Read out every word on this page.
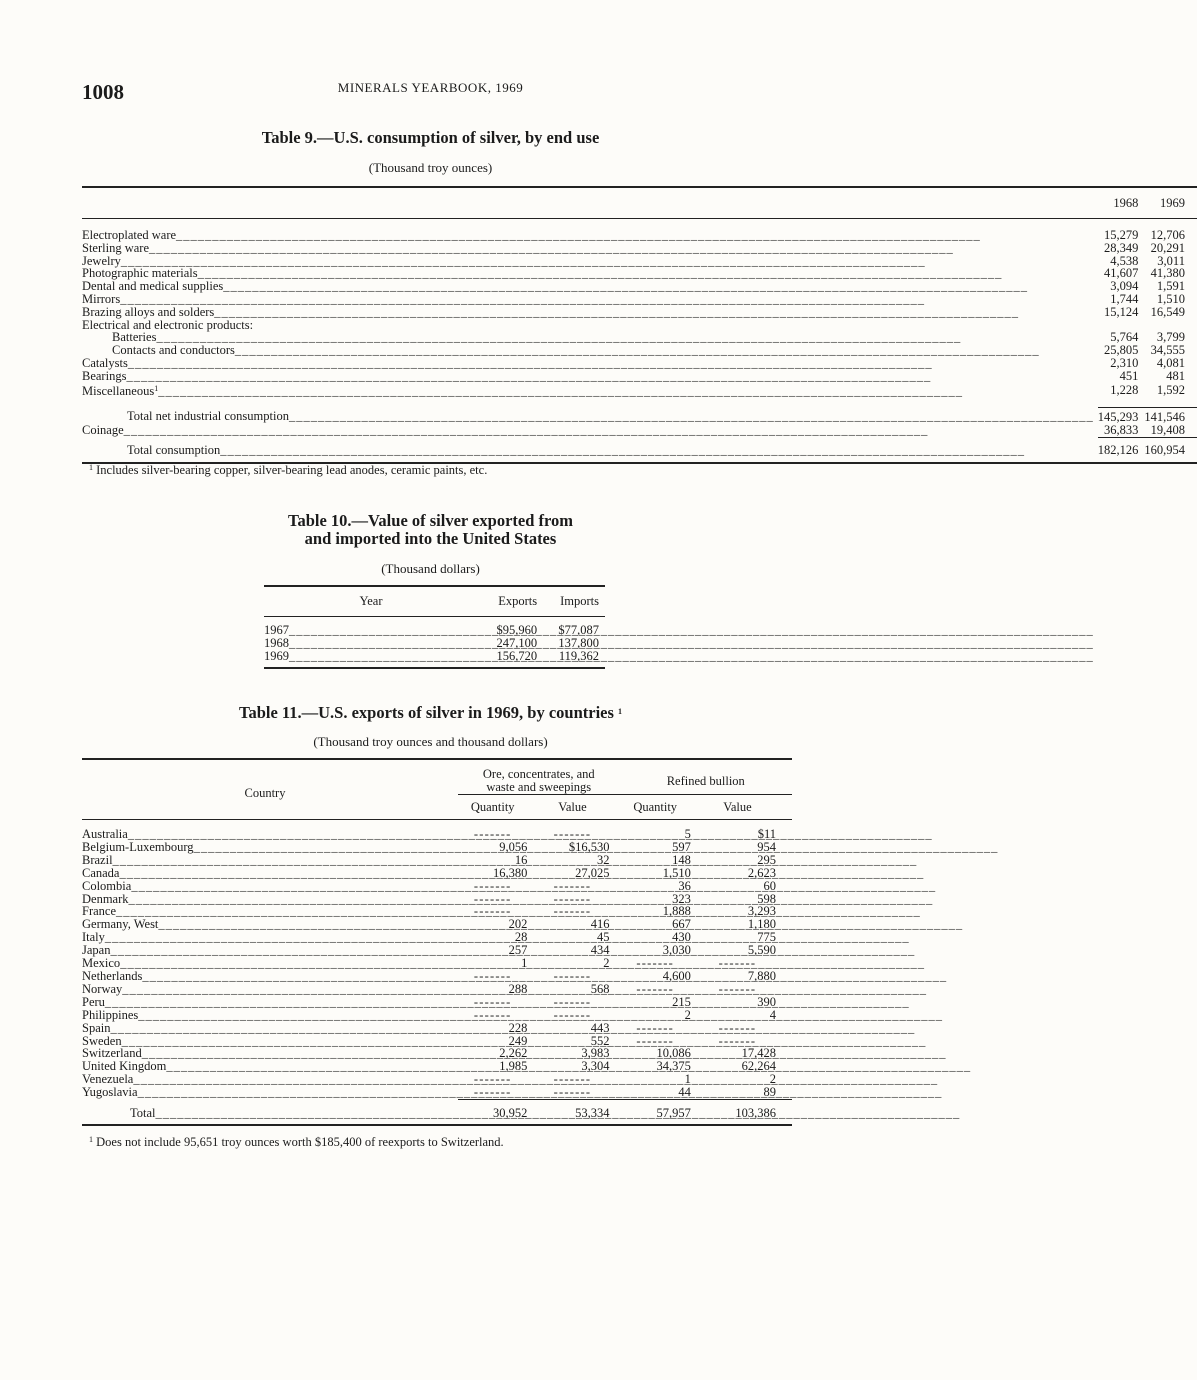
1008	MINERALS YEARBOOK, 1969
Table 9.—U.S. consumption of silver, by end use
(Thousand troy ounces)
	1968	1969

Electroplated ware _____	15,279	12,706
Sterling ware _____	28,349	20,291
Jewelry _____	4,538	3,011
Photographic materials _____	41,607	41,380
Dental and medical supplies _____	3,094	1,591
Mirrors _____	1,744	1,510
Brazing alloys and solders _____	15,124	16,549
Electrical and electronic products:		
Batteries _____	5,764	3,799
Contacts and conductors _____	25,805	34,555
Catalysts _____	2,310	4,081
Bearings _____	451	481
Miscellaneous$^1$ _____	1,228	1,592

Total net industrial consumption _____	145,293	141,546
Coinage _____	36,833	19,408
Total consumption _____	182,126	160,954
$^1$ Includes silver-bearing copper, silver-bearing lead anodes, ceramic paints, etc.
Table 10.—Value of silver exported from
and imported into the United States
(Thousand dollars)
Year	Exports	Imports
1967 _____	$95,960	$77,087
1968 _____	247,100	137,800
1969 _____	156,720	119,362
Table 11.—U.S. exports of silver in 1969, by countries $^1$
(Thousand troy ounces and thousand dollars)
Country	Ore, concentrates, and
waste and sweepings		Refined bullion	
	Quantity	Value	Quantity	Value
Australia _____	-------	-------	5	$11
Belgium-Luxembourg _____	9,056	$16,530	597	954
Brazil _____	16	32	148	295
Canada _____	16,380	27,025	1,510	2,623
Colombia _____	-------	-------	36	60
Denmark _____	-------	-------	323	598
France _____	-------	-------	1,888	3,293
Germany, West _____	202	416	667	1,180
Italy _____	28	45	430	775
Japan _____	257	434	3,030	5,590
Mexico _____	1	2	-------	-------
Netherlands _____	-------	-------	4,600	7,880
Norway _____	288	568	-------	-------
Peru _____	-------	-------	215	390
Philippines _____	-------	-------	2	4
Spain _____	228	443	-------	-------
Sweden _____	249	552	-------	-------
Switzerland _____	2,262	3,983	10,086	17,428
United Kingdom _____	1,985	3,304	34,375	62,264
Venezuela _____	-------	-------	1	2
Yugoslavia _____	-------	-------	44	89
Total _____	30,952	53,334	57,957	103,386
$^1$ Does not include 95,651 troy ounces worth $185,400 of reexports to Switzerland.
